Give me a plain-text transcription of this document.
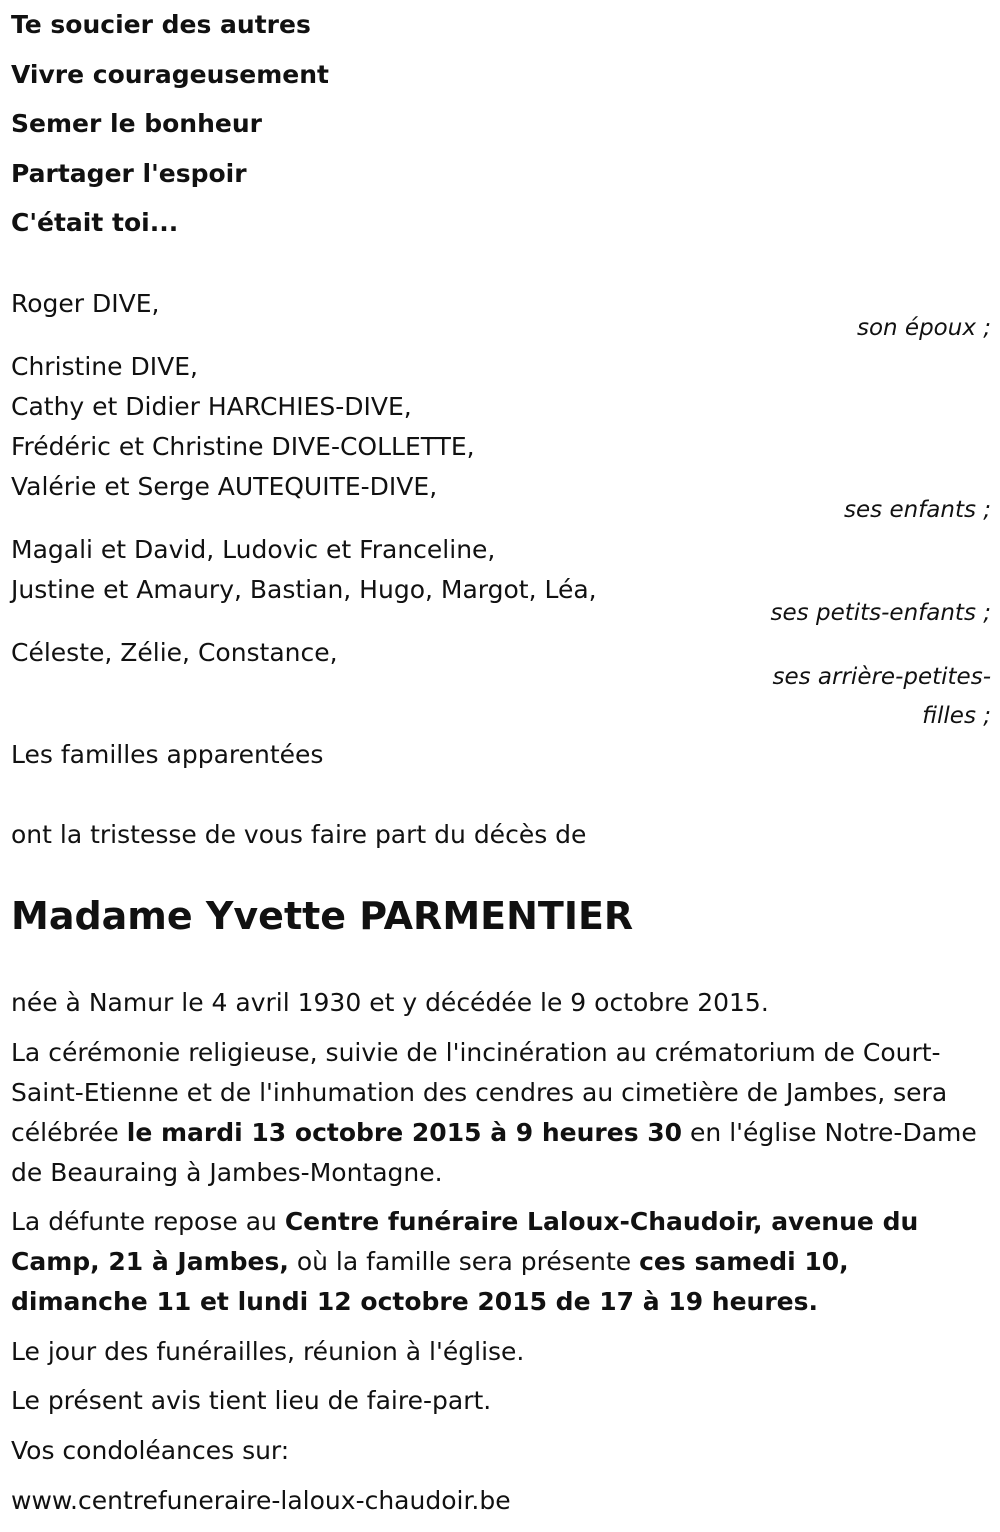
Te soucier des autres
Vivre courageusement
Semer le bonheur
Partager l'espoir
C'était toi...
Roger DIVE,
son époux ;
Christine DIVE,
Cathy et Didier HARCHIES-DIVE,
Frédéric et Christine DIVE-COLLETTE,
Valérie et Serge AUTEQUITE-DIVE,
ses enfants ;
Magali et David, Ludovic et Franceline,
Justine et Amaury, Bastian, Hugo, Margot, Léa,
ses petits-enfants ;
Céleste, Zélie, Constance,
ses arrière-petites-
filles ;
Les familles apparentées
ont la tristesse de vous faire part du décès de
Madame Yvette PARMENTIER
née à Namur le 4 avril 1930 et y décédée le 9 octobre 2015.
La cérémonie religieuse, suivie de l'incinération au crématorium de Court-Saint-Etienne et de l'inhumation des cendres au cimetière de Jambes, sera célébrée le mardi 13 octobre 2015 à 9 heures 30 en l'église Notre-Dame de Beauraing à Jambes-Montagne.
La défunte repose au Centre funéraire Laloux-Chaudoir, avenue du Camp, 21 à Jambes, où la famille sera présente ces samedi 10, dimanche 11 et lundi 12 octobre 2015 de 17 à 19 heures.
Le jour des funérailles, réunion à l'église.
Le présent avis tient lieu de faire-part.
Vos condoléances sur:
www.centrefuneraire-laloux-chaudoir.be
